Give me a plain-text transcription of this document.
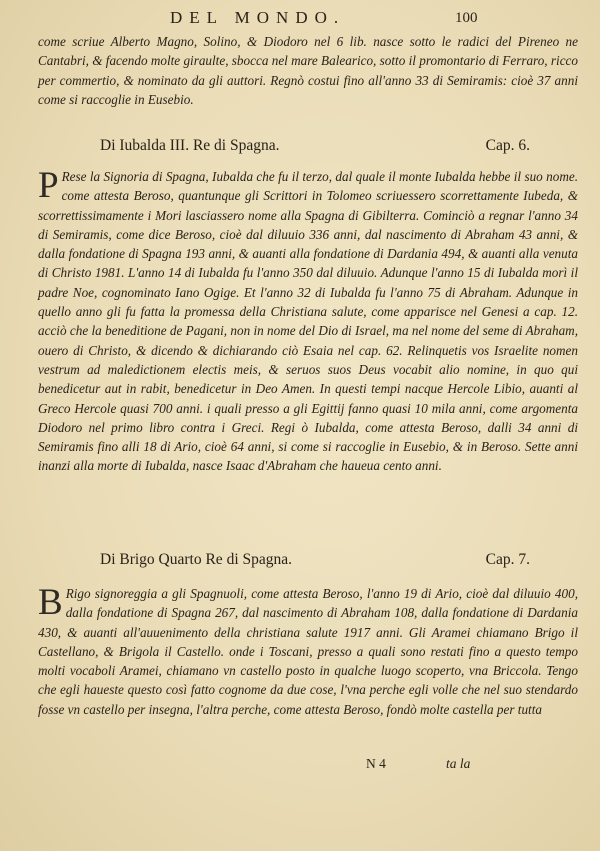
DEL MONDO.	100
come scriue Alberto Magno, Solino, & Diodoro nel 6 lib. nasce sotto le radici del Pireneo ne Cantabri, & facendo molte giraulte, sbocca nel mare Balearico, sotto il promontario di Ferraro, ricco per commertio, & nominato da gli auttori. Regnò costui fino all'anno 33 di Semiramis: cioè 37 anni come si raccoglie in Eusebio.
Di Iubalda III. Re di Spagna.	Cap. 6.
P Rese la Signoria di Spagna, Iubalda che fu il terzo, dal quale il monte Iubalda hebbe il suo nome. come attesta Beroso, quantunque gli Scrittori in Tolomeo scriuessero scorrettamente Iubeda, & scorrettissimamente i Mori lasciassero nome alla Spagna di Gibilterra. Cominciò a regnar l'anno 34 di Semiramis, come dice Beroso, cioè dal diluuio 336 anni, dal nascimento di Abraham 43 anni, & dalla fondatione di Spagna 193 anni, & auanti alla fondatione di Dardania 494, & auanti alla venuta di Christo 1981. L'anno 14 di Iubalda fu l'anno 350 dal diluuio. Adunque l'anno 15 di Iubalda morì il padre Noe, cognominato Iano Ogige. Et l'anno 32 di Iubalda fu l'anno 75 di Abraham. Adunque in quello anno gli fu fatta la promessa della Christiana salute, come apparisce nel Genesi a cap. 12. acciò che la beneditione de Pagani, non in nome del Dio di Israel, ma nel nome del seme di Abraham, ouero di Christo, & dicendo & dichiarando ciò Esaia nel cap. 62. Relinquetis vos Israelite nomen vestrum ad maledictionem electis meis, & seruos suos Deus vocabit alio nomine, in quo qui benedicetur aut in rabit, benedicetur in Deo Amen. In questi tempi nacque Hercole Libio, auanti al Greco Hercole quasi 700 anni. i quali presso a gli Egittij fanno quasi 10 mila anni, come argomenta Diodoro nel primo libro contra i Greci. Regi ò Iubalda, come attesta Beroso, dalli 34 anni di Semiramis fino alli 18 di Ario, cioè 64 anni, si come si raccoglie in Eusebio, & in Beroso. Sette anni inanzi alla morte di Iubalda, nasce Isaac d'Abraham che haueua cento anni.
Di Brigo Quarto Re di Spagna.	Cap. 7.
B Rigo signoreggia a gli Spagnuoli, come attesta Beroso, l'anno 19 di Ario, cioè dal diluuio 400, dalla fondatione di Spagna 267, dal nascimento di Abraham 108, dalla fondatione di Dardania 430, & auanti all'auuenimento della christiana salute 1917 anni. Gli Aramei chiamano Brigo il Castellano, & Brigola il Castello. onde i Toscani, presso a quali sono restati fino a questo tempo molti vocaboli Aramei, chiamano vn castello posto in qualche luogo scoperto, vna Briccola. Tengo che egli haueste questo così fatto cognome da due cose, l'vna perche egli volle che nel suo stendardo fosse vn castello per insegna, l'altra perche, come attesta Beroso, fondò molte castella per tutta
N 4	ta la
